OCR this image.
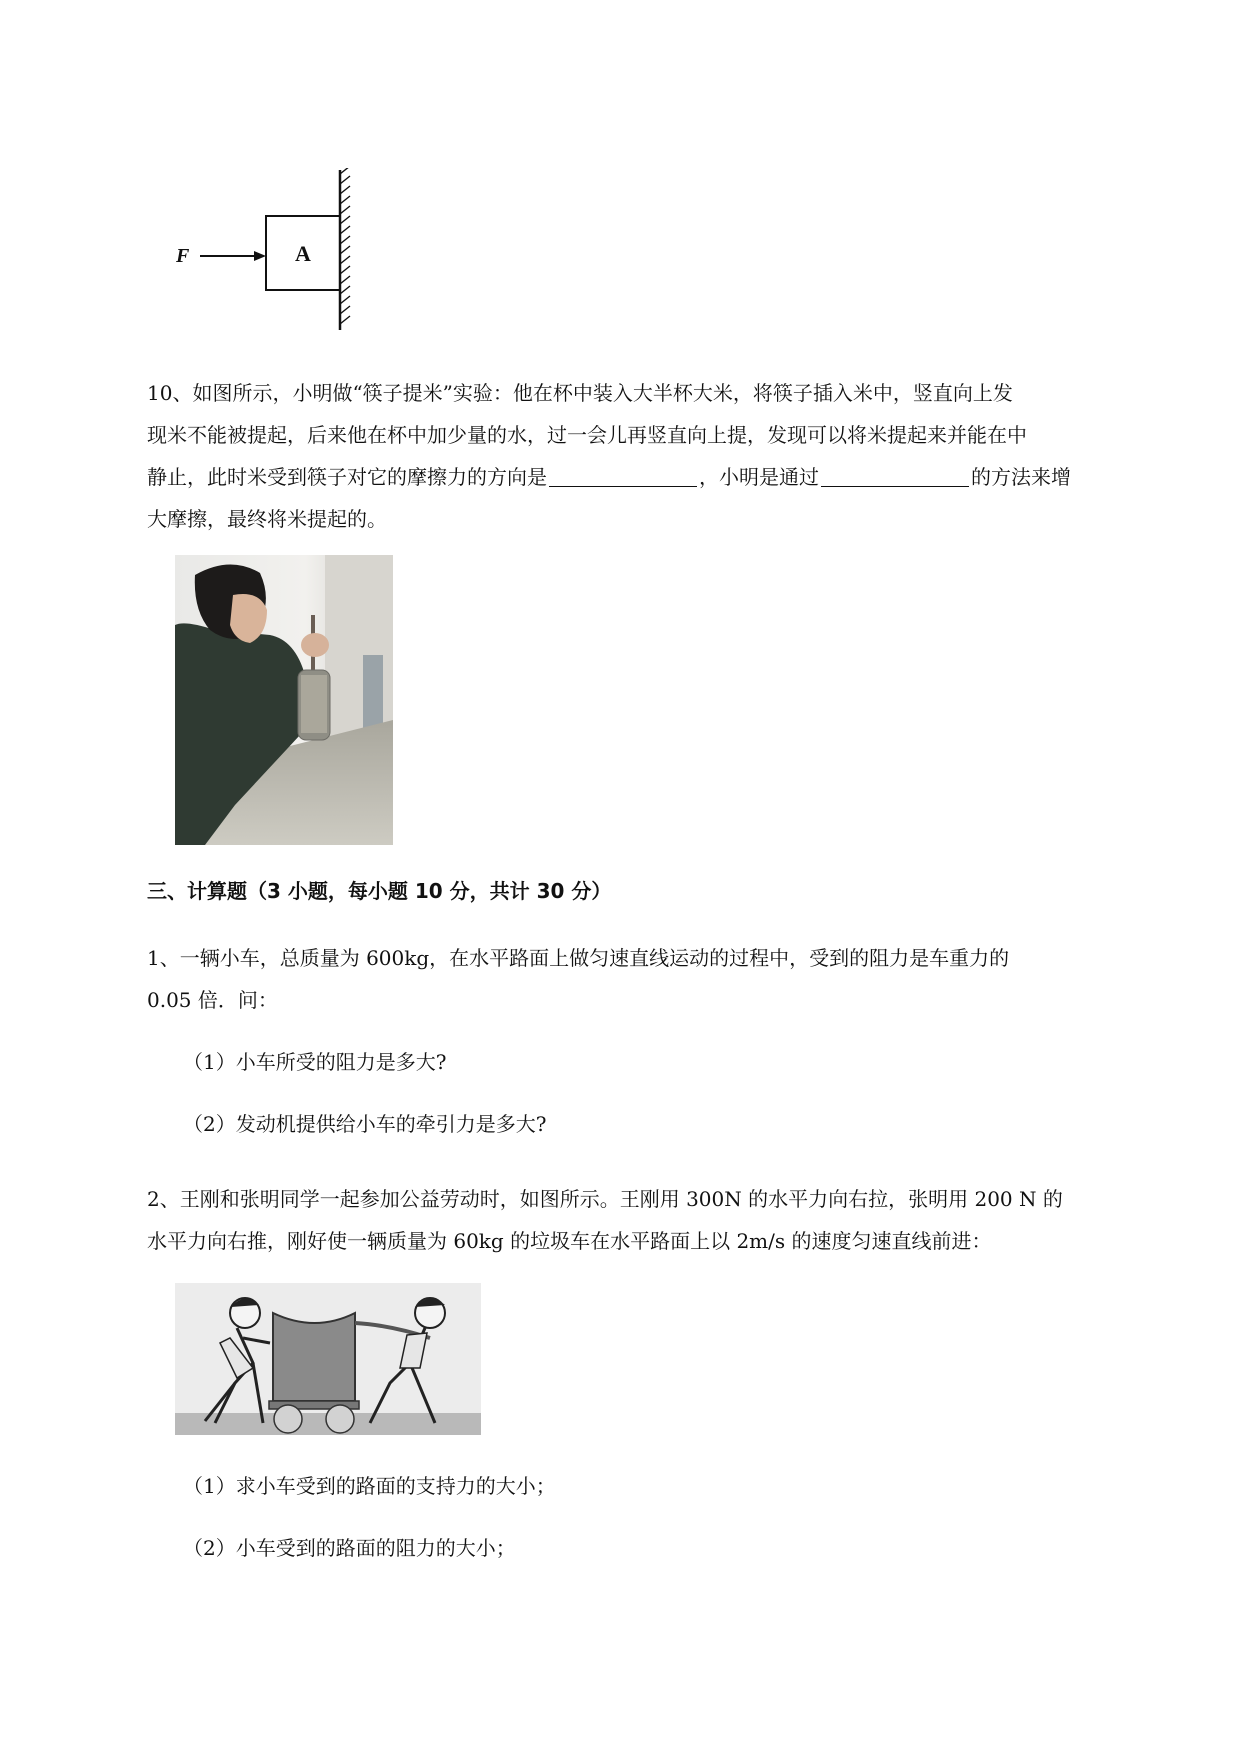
F	A
10、如图所示，小明做“筷子提米”实验：他在杯中装入大半杯大米，将筷子插入米中，竖直向上发
现米不能被提起，后来他在杯中加少量的水，过一会儿再竖直向上提，发现可以将米提起来并能在中
静止，此时米受到筷子对它的摩擦力的方向是	，小明是通过	的方法来增
大摩擦，最终将米提起的。
三、计算题（3 小题，每小题 10 分，共计 30 分）
1、一辆小车，总质量为 600kg，在水平路面上做匀速直线运动的过程中，受到的阻力是车重力的
0.05 倍．问：
（1）小车所受的阻力是多大?
（2）发动机提供给小车的牵引力是多大?
2、王刚和张明同学一起参加公益劳动时，如图所示。王刚用 300N 的水平力向右拉，张明用 200 N 的
水平力向右推，刚好使一辆质量为 60kg 的垃圾车在水平路面上以 2m/s 的速度匀速直线前进：
（1）求小车受到的路面的支持力的大小；
（2）小车受到的路面的阻力的大小；
